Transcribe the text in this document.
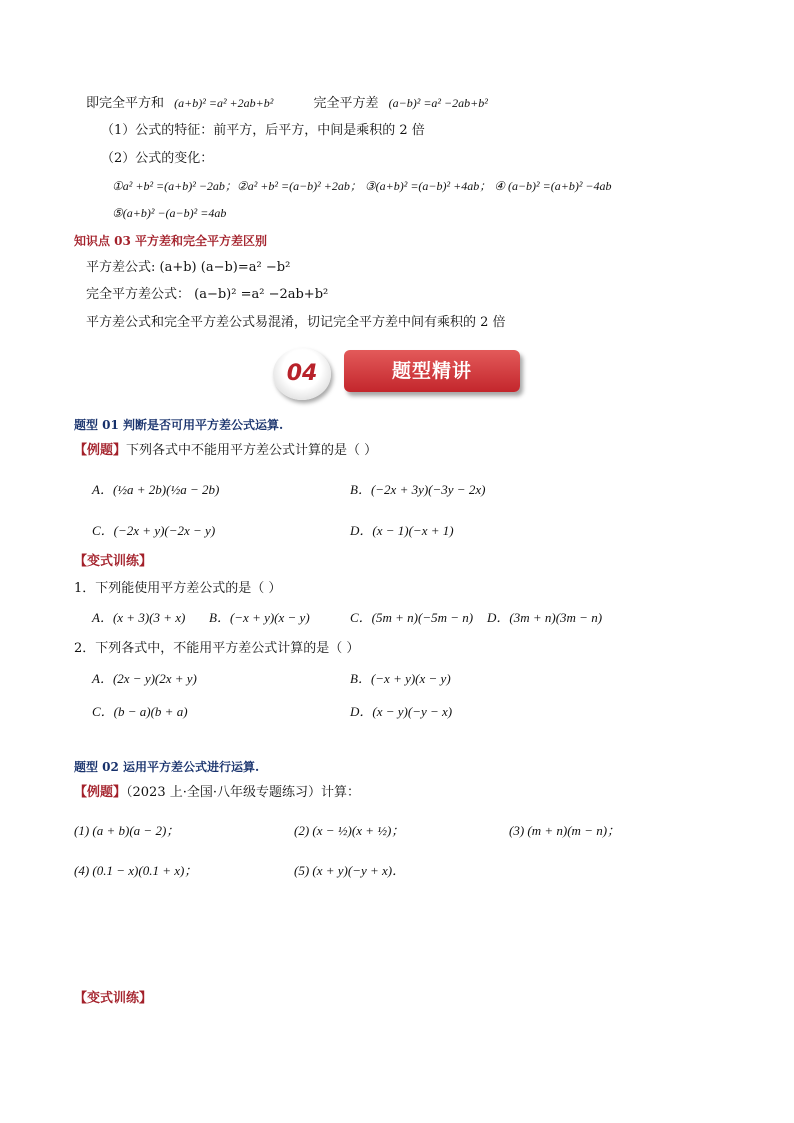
即完全平方和 (a+b)² =a² +2ab+b²	完全平方差 (a−b)² =a² −2ab+b²
（1）公式的特征：前平方，后平方，中间是乘积的 2 倍
（2）公式的变化：
①a² +b² =(a+b)² −2ab；②a² +b² =(a−b)² +2ab； ③(a+b)² =(a−b)² +4ab； ④ (a−b)² =(a+b)² −4ab
⑤(a+b)² −(a−b)² =4ab
知识点 03 平方差和完全平方差区别
平方差公式: (a+b) (a−b)=a² −b²
完全平方差公式： (a−b)² =a² −2ab+b²
平方差公式和完全平方差公式易混淆，切记完全平方差中间有乘积的 2 倍
04	题型精讲
题型 01 判断是否可用平方差公式运算.
【例题】下列各式中不能用平方差公式计算的是（ ）
A．(½a + 2b)(½a − 2b)	B．(−2x + 3y)(−3y − 2x)
C．(−2x + y)(−2x − y)	D．(x − 1)(−x + 1)
【变式训练】
1．下列能使用平方差公式的是（ ）
A．(x + 3)(3 + x) B．(−x + y)(x − y)	C．(5m + n)(−5m − n) D．(3m + n)(3m − n)
2．下列各式中，不能用平方差公式计算的是（ ）
A．(2x − y)(2x + y)	B．(−x + y)(x − y)
C．(b − a)(b + a)	D．(x − y)(−y − x)
题型 02 运用平方差公式进行运算.
【例题】（2023 上·全国·八年级专题练习）计算：
(1) (a + b)(a − 2)；	(2) (x − ½)(x + ½)；	(3) (m + n)(m − n)；
(4) (0.1 − x)(0.1 + x)；	(5) (x + y)(−y + x)．
【变式训练】
